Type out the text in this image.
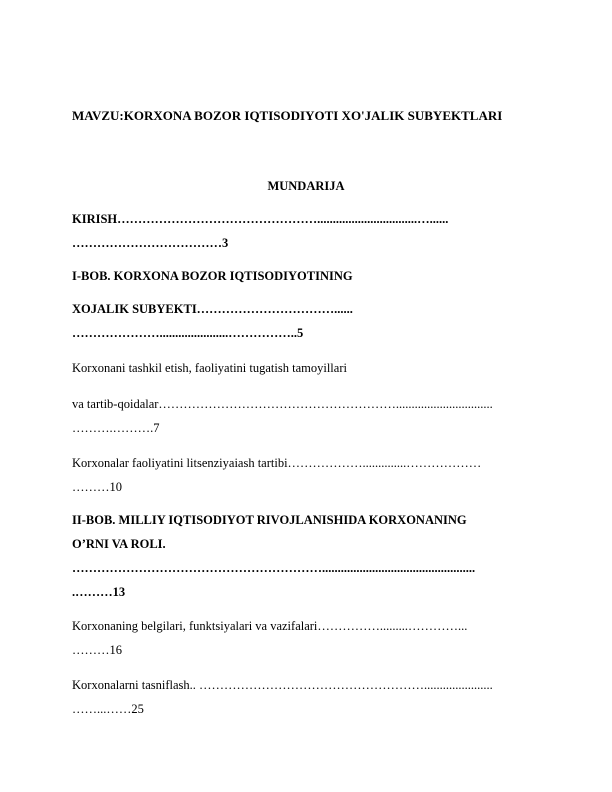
MAVZU:KORXONA BOZOR IQTISODIYOTI XO'JALIK SUBYEKTLARI
MUNDARIJA
KIRISH…………………………………………................................…......
………………………………3
I-BOB. KORXONA BOZOR IQTISODIYOTINING
XOJALIK SUBYEKTI……………………………......
…………………......................……………..5
Korxonani tashkil etish, faoliyatini tugatish tamoyillari
va tartib-qoidalar…………………………………………………...............................
……….……….7
Korxonalar faoliyatini litsenziyaiash tartibi………………..............………………
………10
II-BOB. MILLIY IQTISODIYOT RIVOJLANISHIDA KORXONANING
O’RNI VA ROLI.
…………………………………………………….................................................
.………13
Korxonaning belgilari, funktsiyalari va vazifalari…………….........…………...
………16
Korxonalarni tasniflash.. ………………………………………………......................
……...……25
